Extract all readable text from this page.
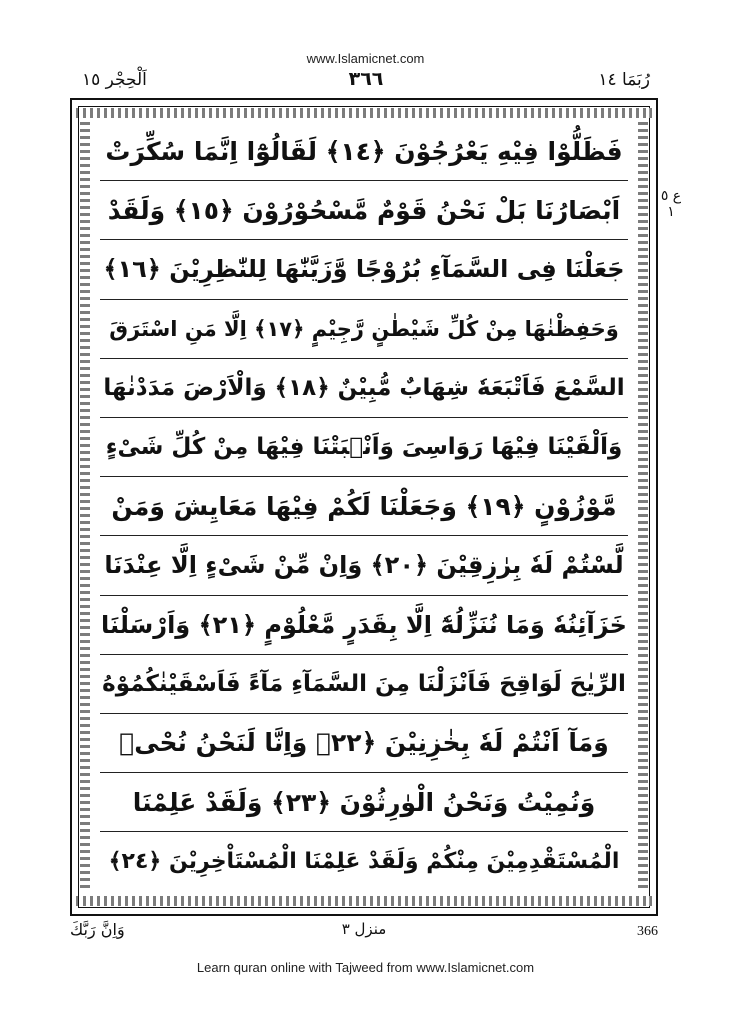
www.Islamicnet.com
اَلْحِجْر ١٥	٣٦٦	رُبَمَا ١٤
فَظَلُّوْا فِيْهِ يَعْرُجُوْنَ ﴿١٤﴾ لَقَالُوْٓا اِنَّمَا سُكِّرَتْ
اَبْصَارُنَا بَلْ نَحْنُ قَوْمٌ مَّسْحُوْرُوْنَ ﴿١٥﴾ وَلَقَدْ
جَعَلْنَا فِى السَّمَآءِ بُرُوْجًا وَّزَيَّنّٰهَا لِلنّٰظِرِيْنَ ﴿١٦﴾
وَحَفِظْنٰهَا مِنْ كُلِّ شَيْطٰنٍ رَّجِيْمٍ ﴿١٧﴾ اِلَّا مَنِ اسْتَرَقَ
السَّمْعَ فَاَتْبَعَهٗ شِهَابٌ مُّبِيْنٌ ﴿١٨﴾ وَالْاَرْضَ مَدَدْنٰهَا
وَاَلْقَيْنَا فِيْهَا رَوَاسِىَ وَاَنْۢبَتْنَا فِيْهَا مِنْ كُلِّ شَىْءٍ
مَّوْزُوْنٍ ﴿١٩﴾ وَجَعَلْنَا لَكُمْ فِيْهَا مَعَايِشَ وَمَنْ
لَّسْتُمْ لَهٗ بِرٰزِقِيْنَ ﴿٢٠﴾ وَاِنْ مِّنْ شَىْءٍ اِلَّا عِنْدَنَا
خَزَآئِنُهٗ وَمَا نُنَزِّلُهٗٓ اِلَّا بِقَدَرٍ مَّعْلُوْمٍ ﴿٢١﴾ وَاَرْسَلْنَا
الرِّيٰحَ لَوَاقِحَ فَاَنْزَلْنَا مِنَ السَّمَآءِ مَآءً فَاَسْقَيْنٰكُمُوْهُ
وَمَآ اَنْتُمْ لَهٗ بِخٰزِنِيْنَ ﴿٢٢﴾ وَاِنَّا لَنَحْنُ نُحْىٖ
وَنُمِيْتُ وَنَحْنُ الْوٰرِثُوْنَ ﴿٢٣﴾ وَلَقَدْ عَلِمْنَا
الْمُسْتَقْدِمِيْنَ مِنْكُمْ وَلَقَدْ عَلِمْنَا الْمُسْتَاْخِرِيْنَ ﴿٢٤﴾
ع ٥ ١
وَاِنَّ رَبَّكَ	منزل ٣	366
Learn quran online with Tajweed from www.Islamicnet.com
